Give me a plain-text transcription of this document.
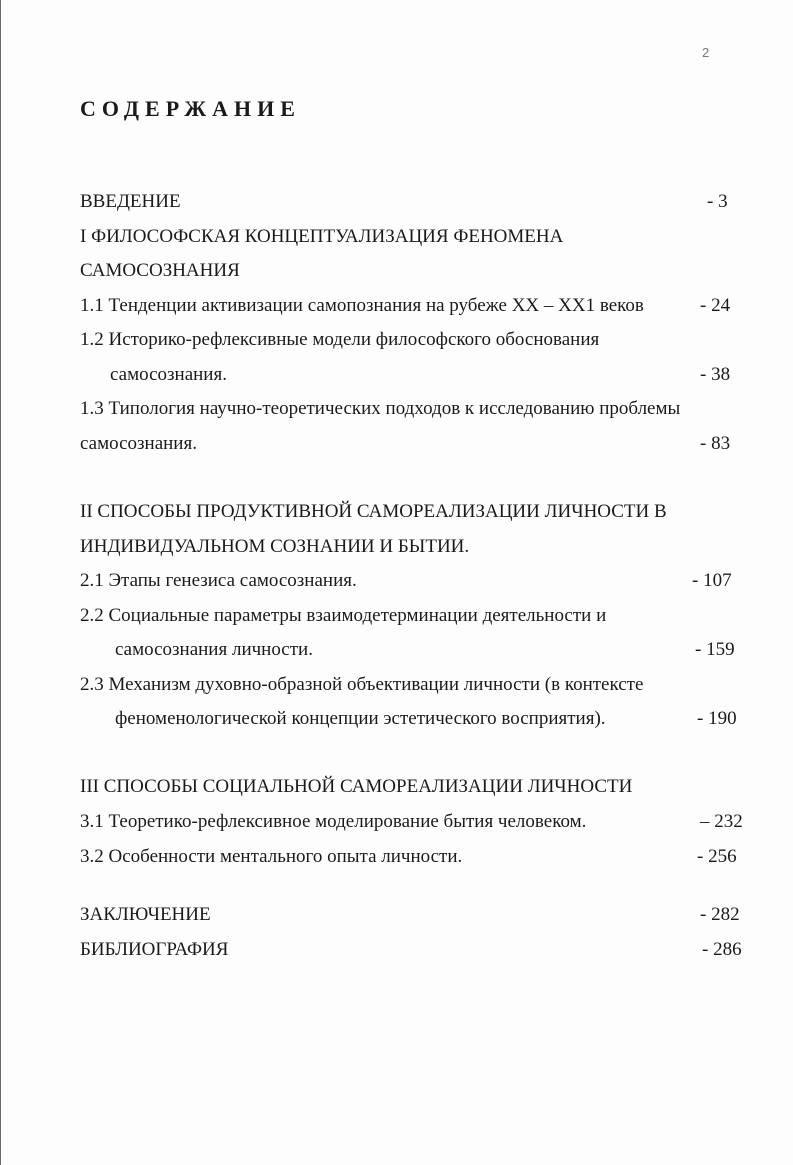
2
СОДЕРЖАНИЕ
ВВЕДЕНИЕ	- 3
I ФИЛОСОФСКАЯ КОНЦЕПТУАЛИЗАЦИЯ ФЕНОМЕНА
САМОСОЗНАНИЯ
1.1 Тенденции активизации самопознания на рубеже XX – XX1 веков	- 24
1.2 Историко-рефлексивные модели философского обоснования
самосознания.	- 38
1.3 Типология научно-теоретических подходов к исследованию проблемы
самосознания.	- 83
II СПОСОБЫ ПРОДУКТИВНОЙ САМОРЕАЛИЗАЦИИ ЛИЧНОСТИ В
ИНДИВИДУАЛЬНОМ СОЗНАНИИ И БЫТИИ.
2.1 Этапы генезиса самосознания.	- 107
2.2 Социальные параметры взаимодетерминации деятельности и
самосознания личности.	- 159
2.3 Механизм духовно-образной объективации личности (в контексте
феноменологической концепции эстетического восприятия).	- 190
III СПОСОБЫ СОЦИАЛЬНОЙ САМОРЕАЛИЗАЦИИ ЛИЧНОСТИ
3.1 Теоретико-рефлексивное моделирование бытия человеком.	– 232
3.2 Особенности ментального опыта личности.	- 256
ЗАКЛЮЧЕНИЕ	- 282
БИБЛИОГРАФИЯ	- 286
